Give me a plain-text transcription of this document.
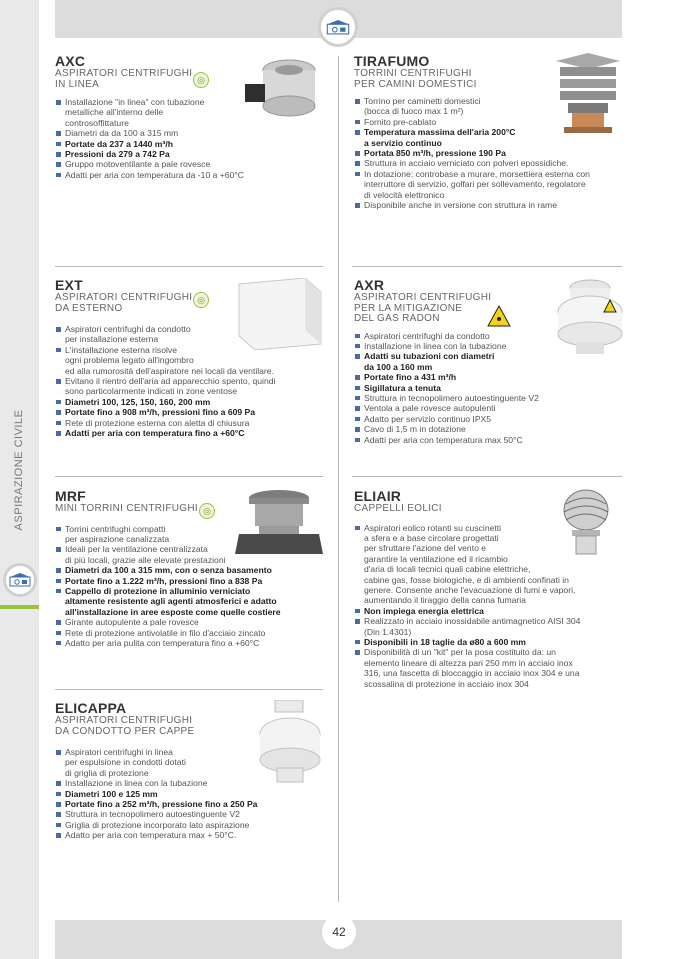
ASPIRAZIONE CIVILE
42
AXC
ASPIRATORI CENTRIFUGHI
IN LINEA
Installazione "in linea" con tubazione
metalliche all'interno delle
controsoffittature
Diametri da da 100 a 315 mm
Portate da 237 a 1440 m³/h
Pressioni da 279 a 742 Pa
Gruppo motoventilante a pale rovesce
Adatti per aria con temperatura da -10 a +60°C
◎
TIRAFUMO
TORRINI CENTRIFUGHI
PER CAMINI DOMESTICI
Torrino per caminetti domestici
(bocca di fuoco max 1 m²)
Fornito pre-cablato
Temperatura massima dell'aria 200°C
a servizio continuo
Portata 850 m³/h, pressione 190 Pa
Struttura in acciaio verniciato con polveri epossidiche.
In dotazione: controbase a murare, morsettiera esterna con
interruttore di servizio, golfari per sollevamento, regolatore
di velocità elettronico
Disponibile anche in versione con struttura in rame
EXT
ASPIRATORI CENTRIFUGHI
DA ESTERNO
Aspiratori centrifughi da condotto
per installazione esterna
L'installazione esterna risolve
ogni problema legato all'ingombro
ed alla rumorosità dell'aspiratore nei locali da ventilare.
Evitano il rientro dell'aria ad apparecchio spento, quindi
sono particolarmente indicati in zone ventose
Diametri 100, 125, 150, 160, 200 mm
Portate fino a 908 m³/h, pressioni fino a 609 Pa
Rete di protezione esterna con aletta di chiusura
Adatti per aria con temperatura fino a +60°C
◎
AXR
ASPIRATORI CENTRIFUGHI
PER LA MITIGAZIONE
DEL GAS RADON
Aspiratori centrifughi da condotto
Installazione in linea con la tubazione
Adatti su tubazioni con diametri
da 100 a 160 mm
Portate fino a 431 m³/h
Sigillatura a tenuta
Struttura in tecnopolimero autoestinguente V2
Ventola a pale rovesce autopulenti
Adatto per servizio continuo IPX5
Cavo di 1,5 m in dotazione
Adatti per aria con temperatura max 50°C
MRF
MINI TORRINI CENTRIFUGHI
Torrini centrifughi compatti
per aspirazione canalizzata
Ideali per la ventilazione centralizzata
di più locali, grazie alle elevate prestazioni
Diametri da 100 a 315 mm, con o senza basamento
Portate fino a 1.222 m³/h, pressioni fino a 838 Pa
Cappello di protezione in alluminio verniciato
altamente resistente agli agenti atmosferici e adatto
all'installazione in aree esposte come quelle costiere
Girante autopulente a pale rovesce
Rete di protezione antivolatile in filo d'acciaio zincato
Adatto per aria pulita con temperatura fino a +60°C
◎
ELIAIR
CAPPELLI EOLICI
Aspiratori eolico rotanti su cuscinetti
a sfera e a base circolare progettati
per sfruttare l'azione del vento e
garantire la ventilazione ed il ricambio
d'aria di locali tecnici quali cabine elettriche,
cabine gas, fosse biologiche, e di ambienti confinati in
genere. Consente anche l'evacuazione di fumi e vapori,
aumentando il tiraggio della canna fumaria
Non impiega energia elettrica
Realizzato in acciaio inossidabile antimagnetico AISI 304
(Din 1.4301)
Disponibili in 18 taglie da ø80 a 600 mm
Disponibilità di un "kit" per la posa costituito da: un
elemento lineare di altezza pari 250 mm in acciaio inox
316, una fascetta di bloccaggio in acciaio inox 304 e una
scossalina di protezione in acciaio inox 304
ELICAPPA
ASPIRATORI CENTRIFUGHI
DA CONDOTTO PER CAPPE
Aspiratori centrifughi in linea
per espulsione in condotti dotati
di griglia di protezione
Installazione in linea con la tubazione
Diametri 100 e 125 mm
Portate fino a 252 m³/h, pressione fino a 250 Pa
Struttura in tecnopolimero autoestinguente V2
Griglia di protezione incorporato lato aspirazione
Adatto per aria con temperatura max + 50°C.
